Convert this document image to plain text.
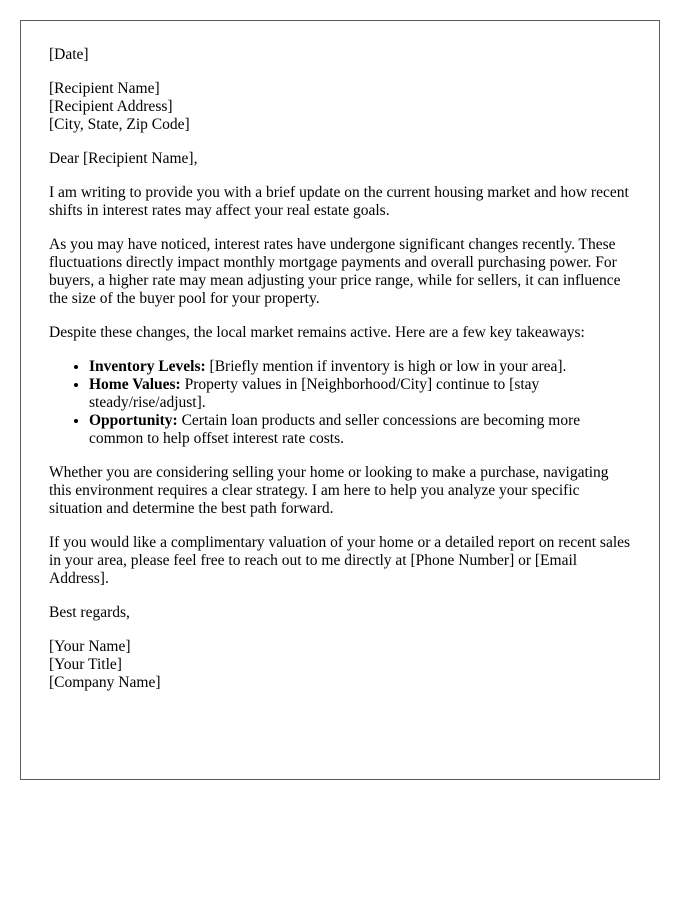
[Date]

[Recipient Name]
[Recipient Address]
[City, State, Zip Code]

Dear [Recipient Name],

I am writing to provide you with a brief update on the current housing market and how recent shifts in interest rates may affect your real estate goals.

As you may have noticed, interest rates have undergone significant changes recently. These fluctuations directly impact monthly mortgage payments and overall purchasing power. For buyers, a higher rate may mean adjusting your price range, while for sellers, it can influence the size of the buyer pool for your property.

Despite these changes, the local market remains active. Here are a few key takeaways:

• Inventory Levels: [Briefly mention if inventory is high or low in your area].
• Home Values: Property values in [Neighborhood/City] continue to [stay steady/rise/adjust].
• Opportunity: Certain loan products and seller concessions are becoming more common to help offset interest rate costs.

Whether you are considering selling your home or looking to make a purchase, navigating this environment requires a clear strategy. I am here to help you analyze your specific situation and determine the best path forward.

If you would like a complimentary valuation of your home or a detailed report on recent sales in your area, please feel free to reach out to me directly at [Phone Number] or [Email Address].

Best regards,

[Your Name]
[Your Title]
[Company Name]
